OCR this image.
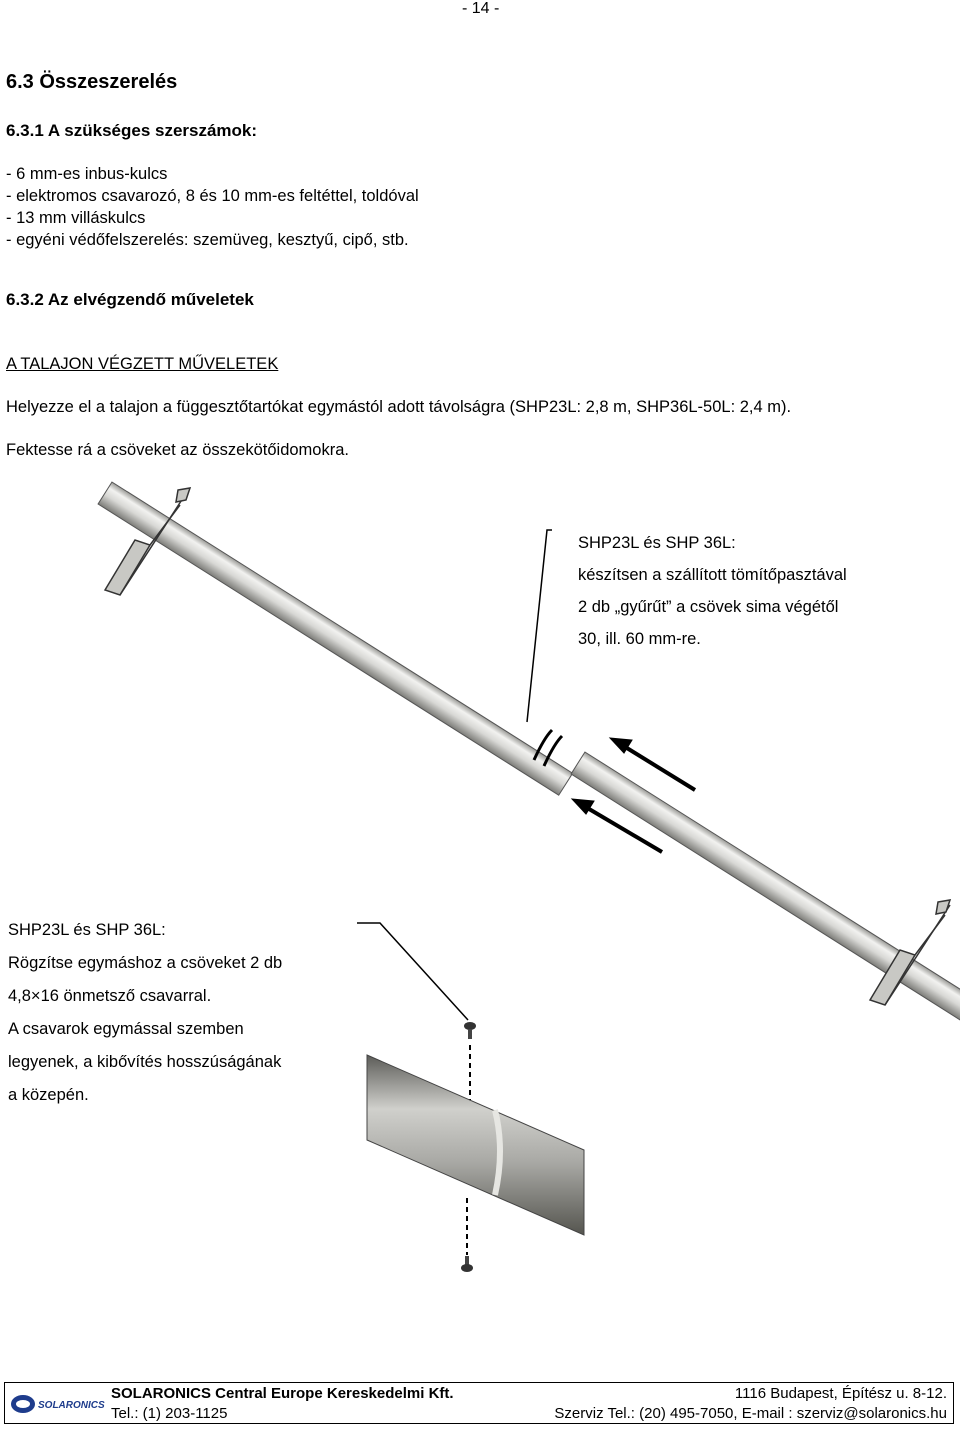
- 14 -
6.3 Összeszerelés
6.3.1 A szükséges szerszámok:
- 6 mm-es inbus-kulcs
- elektromos csavarozó, 8 és 10 mm-es feltéttel, toldóval
- 13 mm villáskulcs
- egyéni védőfelszerelés: szemüveg, kesztyű, cipő, stb.
6.3.2 Az elvégzendő műveletek
A TALAJON VÉGZETT MŰVELETEK
Helyezze el a talajon a függesztőtartókat egymástól adott távolságra (SHP23L: 2,8 m, SHP36L-50L: 2,4 m).
Fektesse rá a csöveket az összekötőidomokra.
SHP23L és SHP 36L:
készítsen a szállított tömítőpasztával
2 db „gyűrűt” a csövek sima végétől
30, ill. 60 mm-re.
SHP23L és SHP 36L:
Rögzítse egymáshoz a csöveket 2 db
4,8×16 önmetsző csavarral.
A csavarok egymással szemben
legyenek, a kibővítés hosszúságának
a közepén.
SOLARONICS
SOLARONICS Central Europe Kereskedelmi Kft.	1116 Budapest, Építész u. 8-12.
Tel.: (1) 203-1125	Szerviz Tel.: (20) 495-7050, E-mail : szerviz@solaronics.hu
